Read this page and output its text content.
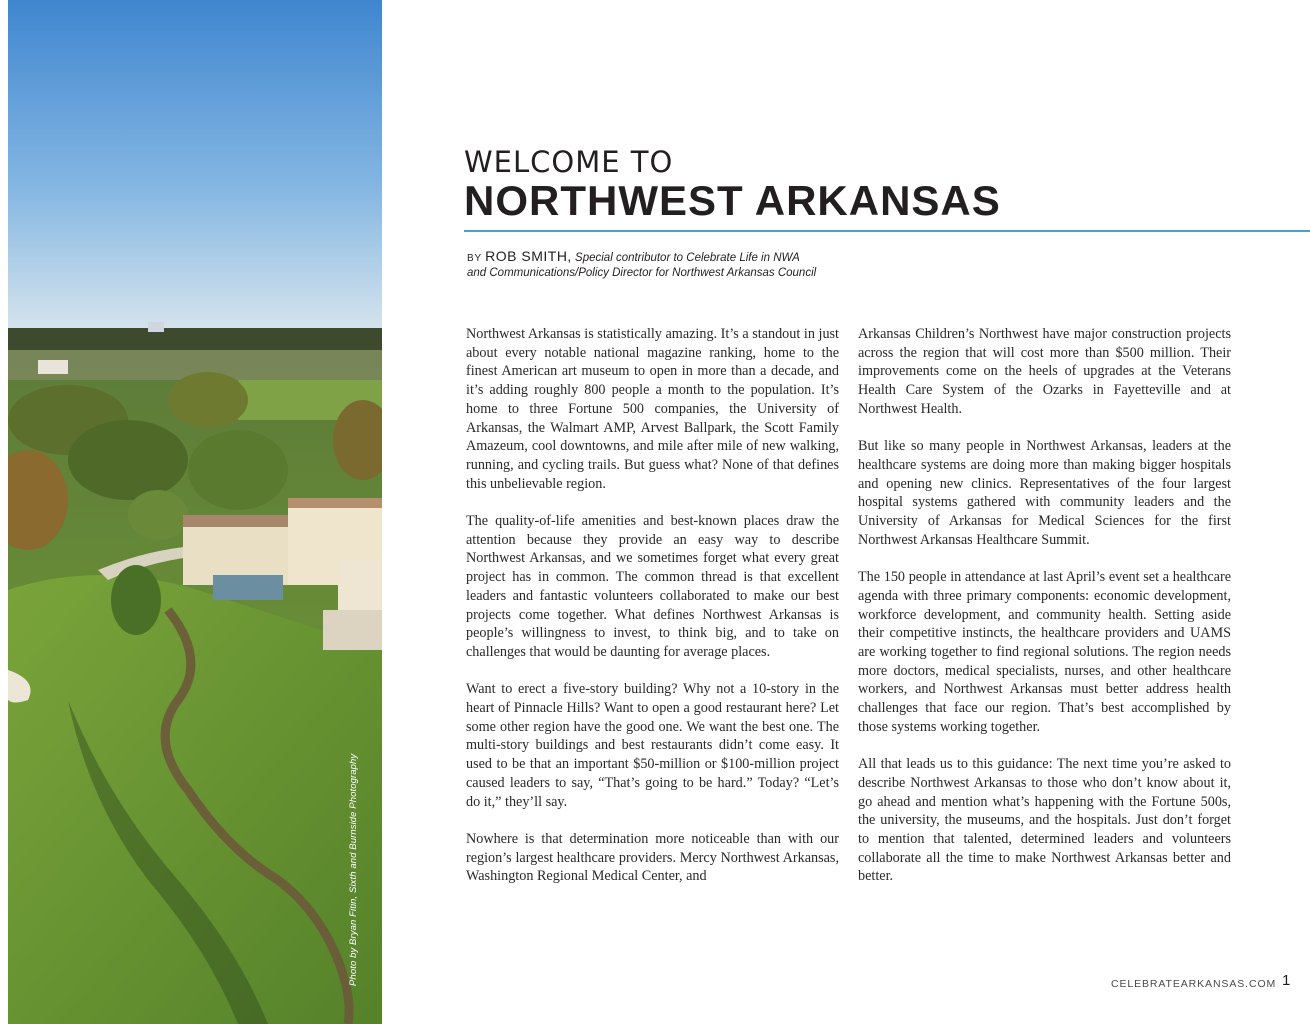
Photo by Bryan Fitin, Sixth and Burnside Photography
WELCOME TO
NORTHWEST ARKANSAS
BY ROB SMITH, Special contributor to Celebrate Life in NWA
and Communications/Policy Director for Northwest Arkansas Council

Northwest Arkansas is statistically amazing. It’s a standout in just about every notable national magazine ranking, home to the finest American art museum to open in more than a decade, and it’s adding roughly 800 people a month to the population. It’s home to three Fortune 500 companies, the University of Arkansas, the Walmart AMP, Arvest Ballpark, the Scott Family Amazeum, cool downtowns, and mile after mile of new walking, running, and cycling trails. But guess what? None of that defines this unbelievable region.

The quality-of-life amenities and best-known places draw the attention because they provide an easy way to describe Northwest Arkansas, and we sometimes forget what every great project has in common. The common thread is that excellent leaders and fantastic volunteers collaborated to make our best projects come together. What defines Northwest Arkansas is people’s willingness to invest, to think big, and to take on challenges that would be daunting for average places.

Want to erect a five-story building? Why not a 10-story in the heart of Pinnacle Hills? Want to open a good restaurant here? Let some other region have the good one. We want the best one. The multi-story buildings and best restaurants didn’t come easy. It used to be that an important $50-million or $100-million project caused leaders to say, “That’s going to be hard.” Today? “Let’s do it,” they’ll say.

Nowhere is that determination more noticeable than with our region’s largest healthcare providers. Mercy Northwest Arkansas, Washington Regional Medical Center, and

Arkansas Children’s Northwest have major construction projects across the region that will cost more than $500 million. Their improvements come on the heels of upgrades at the Veterans Health Care System of the Ozarks in Fayetteville and at Northwest Health.

But like so many people in Northwest Arkansas, leaders at the healthcare systems are doing more than making bigger hospitals and opening new clinics. Representatives of the four largest hospital systems gathered with community leaders and the University of Arkansas for Medical Sciences for the first Northwest Arkansas Healthcare Summit.

The 150 people in attendance at last April’s event set a healthcare agenda with three primary components: economic development, workforce development, and community health. Setting aside their competitive instincts, the healthcare providers and UAMS are working together to find regional solutions. The region needs more doctors, medical specialists, nurses, and other healthcare workers, and Northwest Arkansas must better address health challenges that face our region. That’s best accomplished by those systems working together.

All that leads us to this guidance: The next time you’re asked to describe Northwest Arkansas to those who don’t know about it, go ahead and mention what’s happening with the Fortune 500s, the university, the museums, and the hospitals. Just don’t forget to mention that talented, determined leaders and volunteers collaborate all the time to make Northwest Arkansas better and better.

CELEBRATEARKANSAS.COM 1
